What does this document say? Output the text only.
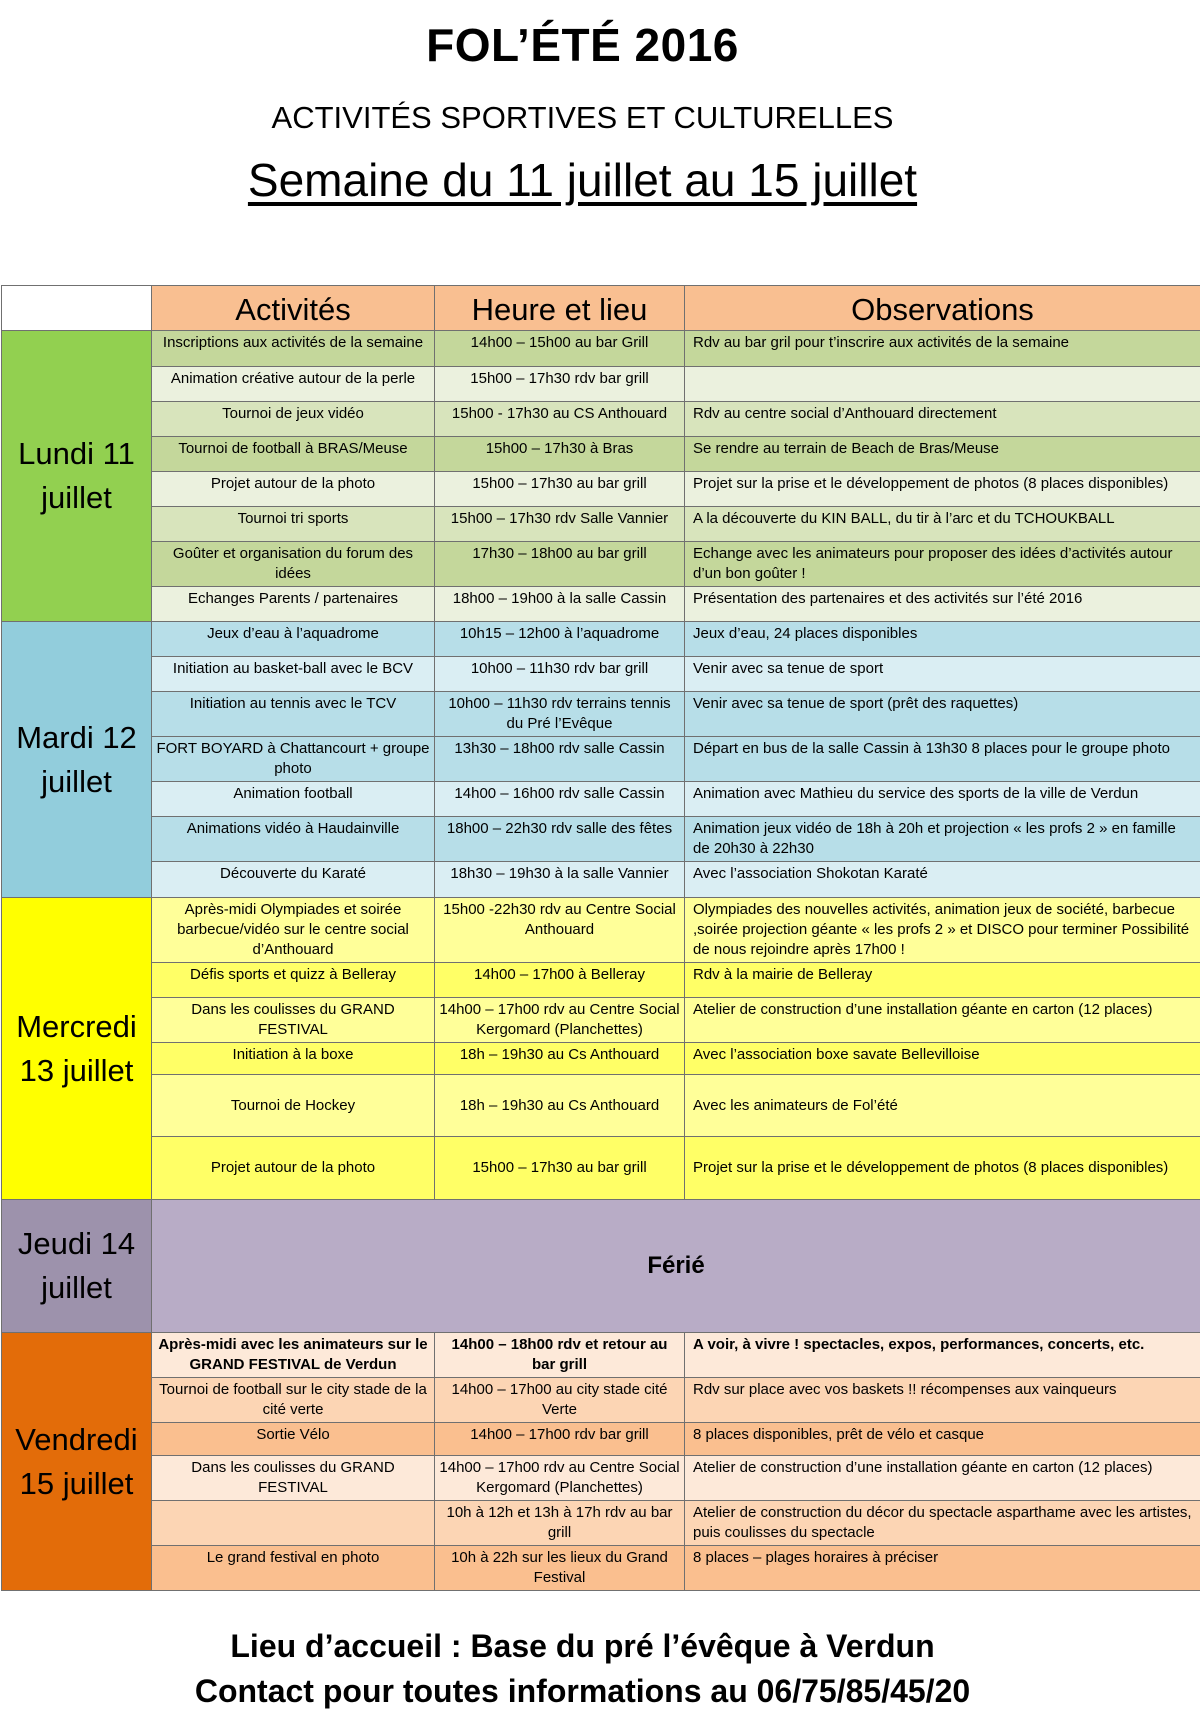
FOL’ÉTÉ 2016
ACTIVITÉS SPORTIVES ET CULTURELLES
Semaine du 11 juillet au 15 juillet
	Activités	Heure et lieu	Observations
Lundi 11 juillet	Inscriptions aux activités de la semaine	14h00 – 15h00 au bar Grill	Rdv au bar gril pour t’inscrire aux activités de la semaine
	Animation créative autour de la perle	15h00 – 17h30 rdv bar grill	
	Tournoi de jeux vidéo	15h00 - 17h30 au CS Anthouard	Rdv au centre social d’Anthouard directement
	Tournoi de football à BRAS/Meuse	15h00 – 17h30 à Bras	Se rendre au terrain de Beach de Bras/Meuse
	Projet autour de la photo	15h00 – 17h30 au bar grill	Projet sur la prise et le développement de photos (8 places disponibles)
	Tournoi tri sports	15h00 – 17h30 rdv Salle Vannier	A la découverte du KIN BALL, du tir à l’arc et du TCHOUKBALL
	Goûter et organisation du forum des idées	17h30 – 18h00 au bar grill	Echange avec les animateurs pour proposer des idées d’activités autour d’un bon goûter !
	Echanges Parents / partenaires	18h00 – 19h00 à la salle Cassin	Présentation des partenaires et des activités sur l’été 2016
Mardi 12 juillet	Jeux d’eau à l’aquadrome	10h15 – 12h00 à l’aquadrome	Jeux d’eau, 24 places disponibles
	Initiation au basket-ball avec le BCV	10h00 – 11h30 rdv bar grill	Venir avec sa tenue de sport
	Initiation au tennis avec le TCV	10h00 – 11h30 rdv terrains tennis du Pré l’Evêque	Venir avec sa tenue de sport (prêt des raquettes)
	FORT BOYARD à Chattancourt + groupe photo	13h30 – 18h00 rdv salle Cassin	Départ en bus de la salle Cassin à 13h30 8 places pour le groupe photo
	Animation football	14h00 – 16h00 rdv salle Cassin	Animation avec Mathieu du service des sports de la ville de Verdun
	Animations vidéo à Haudainville	18h00 – 22h30 rdv salle des fêtes	Animation jeux vidéo de 18h à 20h et projection « les profs 2 » en famille de 20h30 à 22h30
	Découverte du Karaté	18h30 – 19h30 à la salle Vannier	Avec l’association Shokotan Karaté
Mercredi 13 juillet	Après-midi Olympiades et soirée barbecue/vidéo sur le centre social d’Anthouard	15h00 -22h30 rdv au Centre Social Anthouard	Olympiades des nouvelles activités, animation jeux de société, barbecue ,soirée projection géante « les profs 2 » et DISCO pour terminer Possibilité de nous rejoindre après 17h00 !
	Défis sports et quizz à Belleray	14h00 – 17h00 à Belleray	Rdv à la mairie de Belleray
	Dans les coulisses du GRAND FESTIVAL	14h00 – 17h00 rdv au Centre Social Kergomard (Planchettes)	Atelier de construction d’une installation géante en carton (12 places)
	Initiation à la boxe	18h – 19h30 au Cs Anthouard	Avec l’association boxe savate Bellevilloise
	Tournoi de Hockey	18h – 19h30 au Cs Anthouard	Avec les animateurs de Fol’été
	Projet autour de la photo	15h00 – 17h30 au bar grill	Projet sur la prise et le développement de photos (8 places disponibles)
Jeudi 14 juillet	Férié		
Vendredi 15 juillet	Après-midi avec les animateurs sur le GRAND FESTIVAL de Verdun	14h00 – 18h00 rdv et retour au bar grill	A voir, à vivre ! spectacles, expos, performances, concerts, etc.
	Tournoi de football sur le city stade de la cité verte	14h00 – 17h00 au city stade cité Verte	Rdv sur place avec vos baskets !! récompenses aux vainqueurs
	Sortie Vélo	14h00 – 17h00 rdv bar grill	8 places disponibles, prêt de vélo et casque
	Dans les coulisses du GRAND FESTIVAL	14h00 – 17h00 rdv au Centre Social Kergomard (Planchettes)	Atelier de construction d’une installation géante en carton (12 places)
		10h à 12h et 13h à 17h rdv au bar grill	Atelier de construction du décor du spectacle asparthame avec les artistes, puis coulisses du spectacle
	Le grand festival en photo	10h à 22h sur les lieux du Grand Festival	8 places – plages horaires à préciser
Lieu d’accueil : Base du pré l’évêque à Verdun
Contact pour toutes informations au 06/75/85/45/20
